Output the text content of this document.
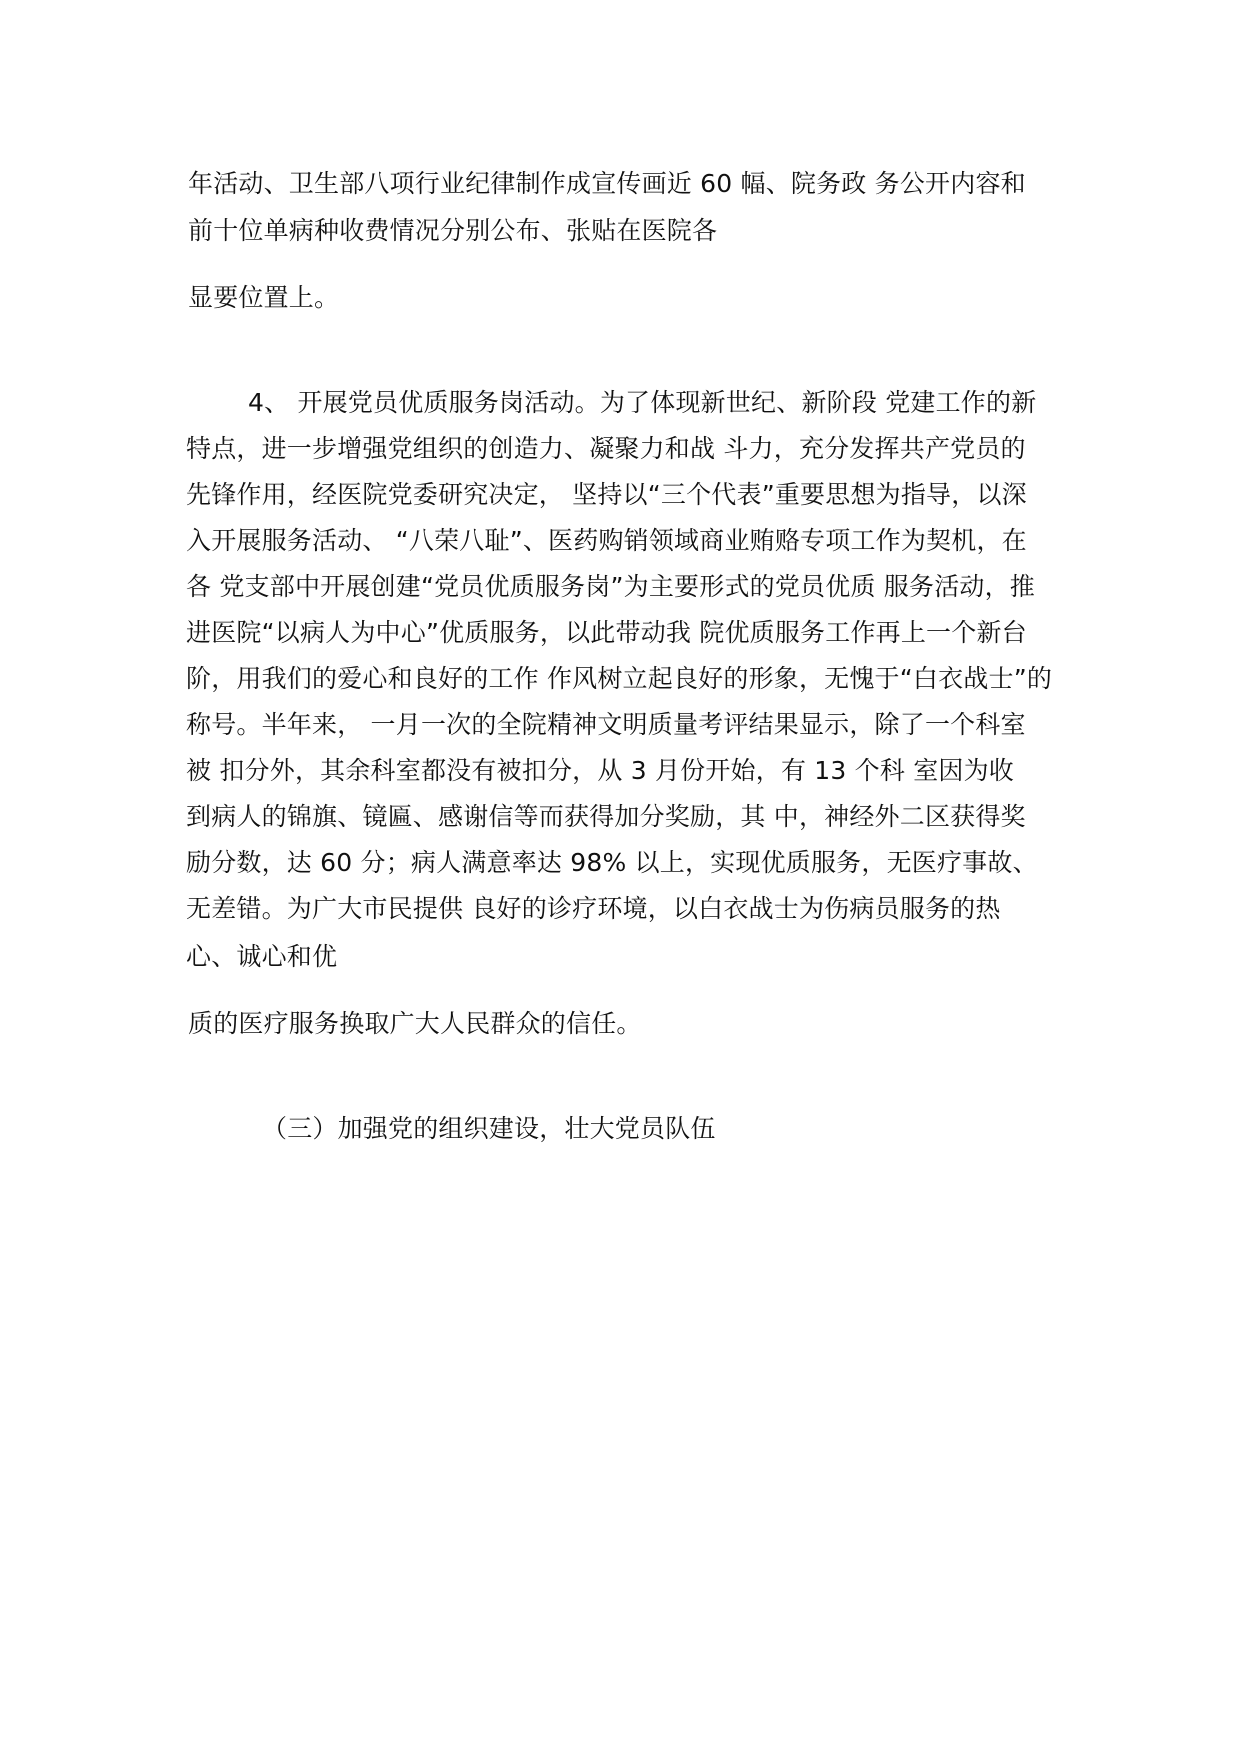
年活动、卫生部八项行业纪律制作成宣传画近 60 幅、院务政 务公开内容和
前十位单病种收费情况分别公布、张贴在医院各
显要位置上。
4、 开展党员优质服务岗活动。为了体现新世纪、新阶段 党建工作的新
特点，进一步增强党组织的创造力、凝聚力和战 斗力，充分发挥共产党员的
先锋作用，经医院党委研究决定， 坚持以“三个代表”重要思想为指导，以深
入开展服务活动、 “八荣八耻”、医药购销领域商业贿赂专项工作为契机，在
各 党支部中开展创建“党员优质服务岗”为主要形式的党员优质 服务活动，推
进医院“以病人为中心”优质服务，以此带动我 院优质服务工作再上一个新台
阶，用我们的爱心和良好的工作 作风树立起良好的形象，无愧于“白衣战士”的
称号。半年来， 一月一次的全院精神文明质量考评结果显示，除了一个科室
被 扣分外，其余科室都没有被扣分，从 3 月份开始，有 13 个科 室因为收
到病人的锦旗、镜匾、感谢信等而获得加分奖励，其 中，神经外二区获得奖
励分数，达 60 分；病人满意率达 98% 以上，实现优质服务，无医疗事故、
无差错。为广大市民提供 良好的诊疗环境，以白衣战士为伤病员服务的热
心、诚心和优
质的医疗服务换取广大人民群众的信任。
（三）加强党的组织建设，壮大党员队伍
